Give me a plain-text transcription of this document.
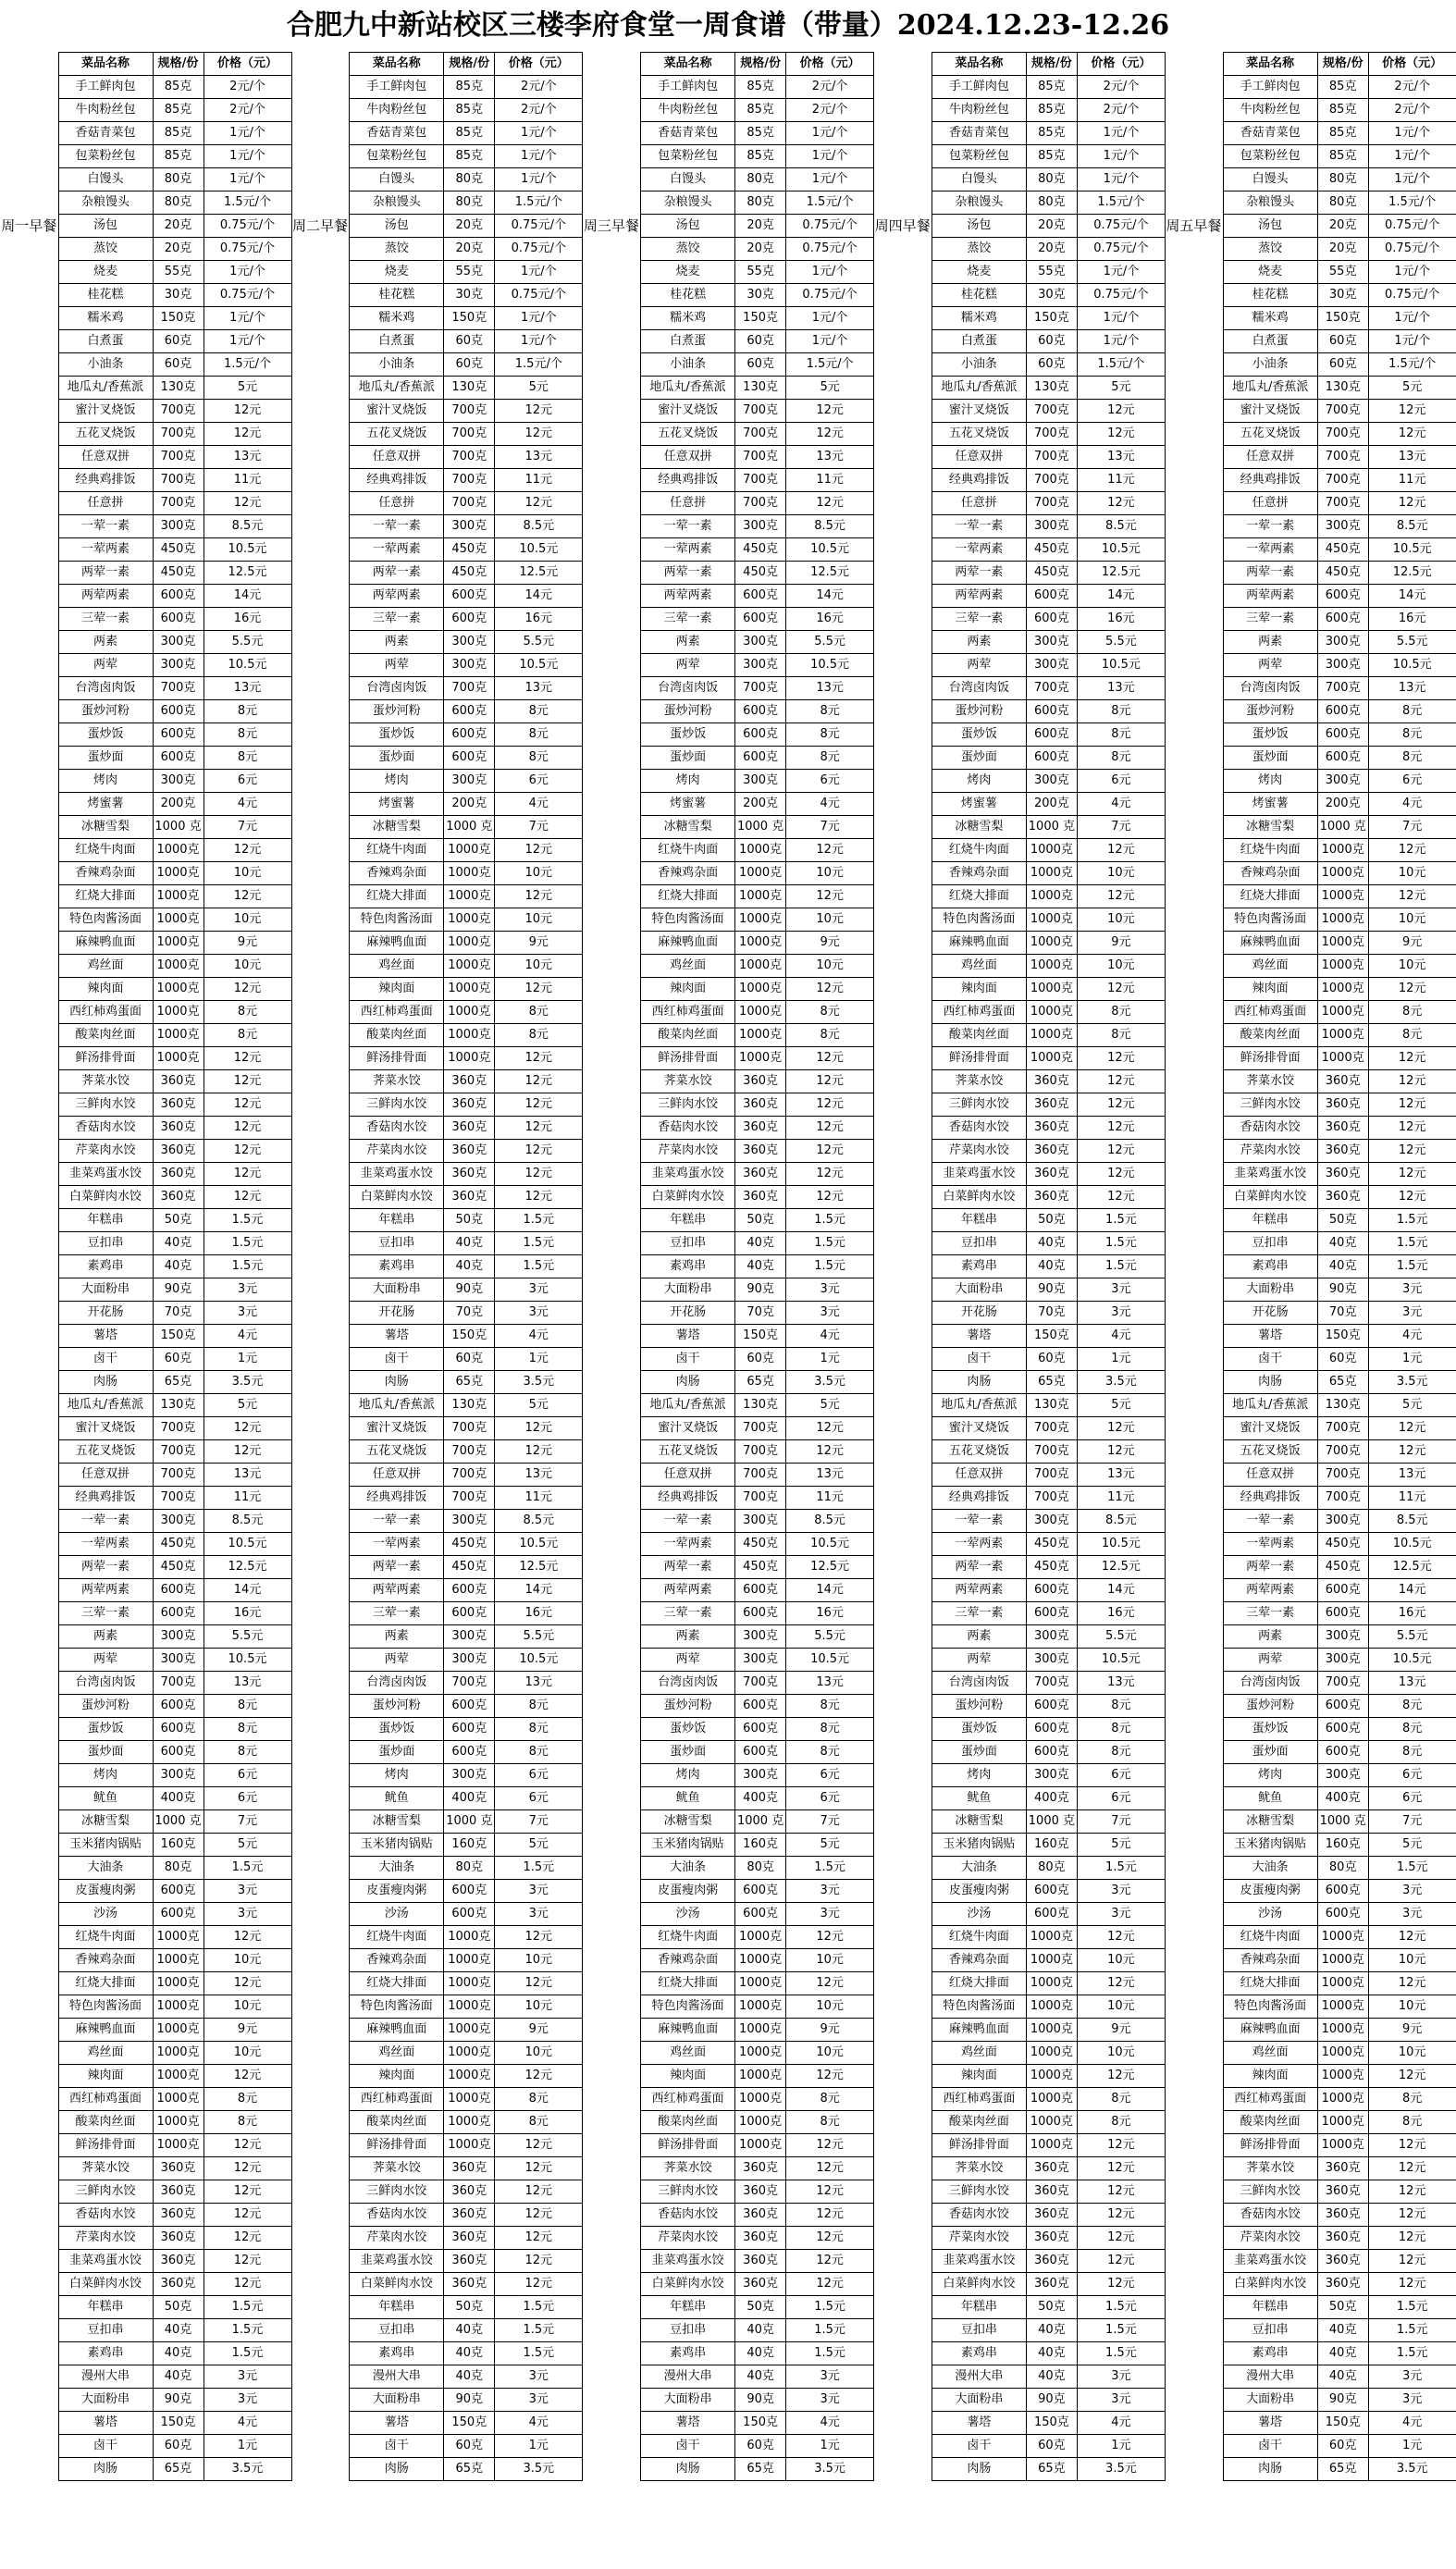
合肥九中新站校区三楼李府食堂一周食谱（带量）2024.12.23-12.26
	菜品名称	规格/份	价格（元）
周一早餐	手工鲜肉包	85克	2元/个
	牛肉粉丝包	85克	2元/个
	香菇青菜包	85克	1元/个
	包菜粉丝包	85克	1元/个
	白馒头	80克	1元/个
	杂粮馒头	80克	1.5元/个
	汤包	20克	0.75元/个
	蒸饺	20克	0.75元/个
	烧麦	55克	1元/个
	桂花糕	30克	0.75元/个
	糯米鸡	150克	1元/个
	白煮蛋	60克	1元/个
	小油条	60克	1.5元/个
	地瓜丸/香蕉派	130克	5元
	蜜汁叉烧饭	700克	12元
	五花叉烧饭	700克	12元
	任意双拼	700克	13元
	经典鸡排饭	700克	11元
	任意拼	700克	12元
	一荤一素	300克	8.5元
	一荤两素	450克	10.5元
	两荤一素	450克	12.5元
	两荤两素	600克	14元
	三荤一素	600克	16元
	两素	300克	5.5元
	两荤	300克	10.5元
	台湾卤肉饭	700克	13元
	蛋炒河粉	600克	8元
	蛋炒饭	600克	8元
	蛋炒面	600克	8元
	烤肉	300克	6元
	烤蜜薯	200克	4元
	冰糖雪梨	1000 克	7元
	红烧牛肉面	1000克	12元
	香辣鸡杂面	1000克	10元
	红烧大排面	1000克	12元
	特色肉酱汤面	1000克	10元
	麻辣鸭血面	1000克	9元
	鸡丝面	1000克	10元
	辣肉面	1000克	12元
	西红柿鸡蛋面	1000克	8元
	酸菜肉丝面	1000克	8元
	鲜汤排骨面	1000克	12元
	荠菜水饺	360克	12元
	三鲜肉水饺	360克	12元
	香菇肉水饺	360克	12元
	芹菜肉水饺	360克	12元
	韭菜鸡蛋水饺	360克	12元
	白菜鲜肉水饺	360克	12元
	年糕串	50克	1.5元
	豆扣串	40克	1.5元
	素鸡串	40克	1.5元
	大面粉串	90克	3元
	开花肠	70克	3元
	薯塔	150克	4元
	卤干	60克	1元
	肉肠	65克	3.5元
	地瓜丸/香蕉派	130克	5元
	蜜汁叉烧饭	700克	12元
	五花叉烧饭	700克	12元
	任意双拼	700克	13元
	经典鸡排饭	700克	11元
	一荤一素	300克	8.5元
	一荤两素	450克	10.5元
	两荤一素	450克	12.5元
	两荤两素	600克	14元
	三荤一素	600克	16元
	两素	300克	5.5元
	两荤	300克	10.5元
	台湾卤肉饭	700克	13元
	蛋炒河粉	600克	8元
	蛋炒饭	600克	8元
	蛋炒面	600克	8元
	烤肉	300克	6元
	鱿鱼	400克	6元
	冰糖雪梨	1000 克	7元
	玉米猪肉锅贴	160克	5元
	大油条	80克	1.5元
	皮蛋瘦肉粥	600克	3元
	沙汤	600克	3元
	红烧牛肉面	1000克	12元
	香辣鸡杂面	1000克	10元
	红烧大排面	1000克	12元
	特色肉酱汤面	1000克	10元
	麻辣鸭血面	1000克	9元
	鸡丝面	1000克	10元
	辣肉面	1000克	12元
	西红柿鸡蛋面	1000克	8元
	酸菜肉丝面	1000克	8元
	鲜汤排骨面	1000克	12元
	荠菜水饺	360克	12元
	三鲜肉水饺	360克	12元
	香菇肉水饺	360克	12元
	芹菜肉水饺	360克	12元
	韭菜鸡蛋水饺	360克	12元
	白菜鲜肉水饺	360克	12元
	年糕串	50克	1.5元
	豆扣串	40克	1.5元
	素鸡串	40克	1.5元
	漫州大串	40克	3元
	大面粉串	90克	3元
	薯塔	150克	4元
	卤干	60克	1元
	肉肠	65克	3.5元
	菜品名称	规格/份	价格（元）
周二早餐	手工鲜肉包	85克	2元/个
	牛肉粉丝包	85克	2元/个
	香菇青菜包	85克	1元/个
	包菜粉丝包	85克	1元/个
	白馒头	80克	1元/个
	杂粮馒头	80克	1.5元/个
	汤包	20克	0.75元/个
	蒸饺	20克	0.75元/个
	烧麦	55克	1元/个
	桂花糕	30克	0.75元/个
	糯米鸡	150克	1元/个
	白煮蛋	60克	1元/个
	小油条	60克	1.5元/个
	地瓜丸/香蕉派	130克	5元
	蜜汁叉烧饭	700克	12元
	五花叉烧饭	700克	12元
	任意双拼	700克	13元
	经典鸡排饭	700克	11元
	任意拼	700克	12元
	一荤一素	300克	8.5元
	一荤两素	450克	10.5元
	两荤一素	450克	12.5元
	两荤两素	600克	14元
	三荤一素	600克	16元
	两素	300克	5.5元
	两荤	300克	10.5元
	台湾卤肉饭	700克	13元
	蛋炒河粉	600克	8元
	蛋炒饭	600克	8元
	蛋炒面	600克	8元
	烤肉	300克	6元
	烤蜜薯	200克	4元
	冰糖雪梨	1000 克	7元
	红烧牛肉面	1000克	12元
	香辣鸡杂面	1000克	10元
	红烧大排面	1000克	12元
	特色肉酱汤面	1000克	10元
	麻辣鸭血面	1000克	9元
	鸡丝面	1000克	10元
	辣肉面	1000克	12元
	西红柿鸡蛋面	1000克	8元
	酸菜肉丝面	1000克	8元
	鲜汤排骨面	1000克	12元
	荠菜水饺	360克	12元
	三鲜肉水饺	360克	12元
	香菇肉水饺	360克	12元
	芹菜肉水饺	360克	12元
	韭菜鸡蛋水饺	360克	12元
	白菜鲜肉水饺	360克	12元
	年糕串	50克	1.5元
	豆扣串	40克	1.5元
	素鸡串	40克	1.5元
	大面粉串	90克	3元
	开花肠	70克	3元
	薯塔	150克	4元
	卤干	60克	1元
	肉肠	65克	3.5元
	地瓜丸/香蕉派	130克	5元
	蜜汁叉烧饭	700克	12元
	五花叉烧饭	700克	12元
	任意双拼	700克	13元
	经典鸡排饭	700克	11元
	一荤一素	300克	8.5元
	一荤两素	450克	10.5元
	两荤一素	450克	12.5元
	两荤两素	600克	14元
	三荤一素	600克	16元
	两素	300克	5.5元
	两荤	300克	10.5元
	台湾卤肉饭	700克	13元
	蛋炒河粉	600克	8元
	蛋炒饭	600克	8元
	蛋炒面	600克	8元
	烤肉	300克	6元
	鱿鱼	400克	6元
	冰糖雪梨	1000 克	7元
	玉米猪肉锅贴	160克	5元
	大油条	80克	1.5元
	皮蛋瘦肉粥	600克	3元
	沙汤	600克	3元
	红烧牛肉面	1000克	12元
	香辣鸡杂面	1000克	10元
	红烧大排面	1000克	12元
	特色肉酱汤面	1000克	10元
	麻辣鸭血面	1000克	9元
	鸡丝面	1000克	10元
	辣肉面	1000克	12元
	西红柿鸡蛋面	1000克	8元
	酸菜肉丝面	1000克	8元
	鲜汤排骨面	1000克	12元
	荠菜水饺	360克	12元
	三鲜肉水饺	360克	12元
	香菇肉水饺	360克	12元
	芹菜肉水饺	360克	12元
	韭菜鸡蛋水饺	360克	12元
	白菜鲜肉水饺	360克	12元
	年糕串	50克	1.5元
	豆扣串	40克	1.5元
	素鸡串	40克	1.5元
	漫州大串	40克	3元
	大面粉串	90克	3元
	薯塔	150克	4元
	卤干	60克	1元
	肉肠	65克	3.5元
	菜品名称	规格/份	价格（元）
周三早餐	手工鲜肉包	85克	2元/个
	牛肉粉丝包	85克	2元/个
	香菇青菜包	85克	1元/个
	包菜粉丝包	85克	1元/个
	白馒头	80克	1元/个
	杂粮馒头	80克	1.5元/个
	汤包	20克	0.75元/个
	蒸饺	20克	0.75元/个
	烧麦	55克	1元/个
	桂花糕	30克	0.75元/个
	糯米鸡	150克	1元/个
	白煮蛋	60克	1元/个
	小油条	60克	1.5元/个
	地瓜丸/香蕉派	130克	5元
	蜜汁叉烧饭	700克	12元
	五花叉烧饭	700克	12元
	任意双拼	700克	13元
	经典鸡排饭	700克	11元
	任意拼	700克	12元
	一荤一素	300克	8.5元
	一荤两素	450克	10.5元
	两荤一素	450克	12.5元
	两荤两素	600克	14元
	三荤一素	600克	16元
	两素	300克	5.5元
	两荤	300克	10.5元
	台湾卤肉饭	700克	13元
	蛋炒河粉	600克	8元
	蛋炒饭	600克	8元
	蛋炒面	600克	8元
	烤肉	300克	6元
	烤蜜薯	200克	4元
	冰糖雪梨	1000 克	7元
	红烧牛肉面	1000克	12元
	香辣鸡杂面	1000克	10元
	红烧大排面	1000克	12元
	特色肉酱汤面	1000克	10元
	麻辣鸭血面	1000克	9元
	鸡丝面	1000克	10元
	辣肉面	1000克	12元
	西红柿鸡蛋面	1000克	8元
	酸菜肉丝面	1000克	8元
	鲜汤排骨面	1000克	12元
	荠菜水饺	360克	12元
	三鲜肉水饺	360克	12元
	香菇肉水饺	360克	12元
	芹菜肉水饺	360克	12元
	韭菜鸡蛋水饺	360克	12元
	白菜鲜肉水饺	360克	12元
	年糕串	50克	1.5元
	豆扣串	40克	1.5元
	素鸡串	40克	1.5元
	大面粉串	90克	3元
	开花肠	70克	3元
	薯塔	150克	4元
	卤干	60克	1元
	肉肠	65克	3.5元
	地瓜丸/香蕉派	130克	5元
	蜜汁叉烧饭	700克	12元
	五花叉烧饭	700克	12元
	任意双拼	700克	13元
	经典鸡排饭	700克	11元
	一荤一素	300克	8.5元
	一荤两素	450克	10.5元
	两荤一素	450克	12.5元
	两荤两素	600克	14元
	三荤一素	600克	16元
	两素	300克	5.5元
	两荤	300克	10.5元
	台湾卤肉饭	700克	13元
	蛋炒河粉	600克	8元
	蛋炒饭	600克	8元
	蛋炒面	600克	8元
	烤肉	300克	6元
	鱿鱼	400克	6元
	冰糖雪梨	1000 克	7元
	玉米猪肉锅贴	160克	5元
	大油条	80克	1.5元
	皮蛋瘦肉粥	600克	3元
	沙汤	600克	3元
	红烧牛肉面	1000克	12元
	香辣鸡杂面	1000克	10元
	红烧大排面	1000克	12元
	特色肉酱汤面	1000克	10元
	麻辣鸭血面	1000克	9元
	鸡丝面	1000克	10元
	辣肉面	1000克	12元
	西红柿鸡蛋面	1000克	8元
	酸菜肉丝面	1000克	8元
	鲜汤排骨面	1000克	12元
	荠菜水饺	360克	12元
	三鲜肉水饺	360克	12元
	香菇肉水饺	360克	12元
	芹菜肉水饺	360克	12元
	韭菜鸡蛋水饺	360克	12元
	白菜鲜肉水饺	360克	12元
	年糕串	50克	1.5元
	豆扣串	40克	1.5元
	素鸡串	40克	1.5元
	漫州大串	40克	3元
	大面粉串	90克	3元
	薯塔	150克	4元
	卤干	60克	1元
	肉肠	65克	3.5元
	菜品名称	规格/份	价格（元）
周四早餐	手工鲜肉包	85克	2元/个
	牛肉粉丝包	85克	2元/个
	香菇青菜包	85克	1元/个
	包菜粉丝包	85克	1元/个
	白馒头	80克	1元/个
	杂粮馒头	80克	1.5元/个
	汤包	20克	0.75元/个
	蒸饺	20克	0.75元/个
	烧麦	55克	1元/个
	桂花糕	30克	0.75元/个
	糯米鸡	150克	1元/个
	白煮蛋	60克	1元/个
	小油条	60克	1.5元/个
	地瓜丸/香蕉派	130克	5元
	蜜汁叉烧饭	700克	12元
	五花叉烧饭	700克	12元
	任意双拼	700克	13元
	经典鸡排饭	700克	11元
	任意拼	700克	12元
	一荤一素	300克	8.5元
	一荤两素	450克	10.5元
	两荤一素	450克	12.5元
	两荤两素	600克	14元
	三荤一素	600克	16元
	两素	300克	5.5元
	两荤	300克	10.5元
	台湾卤肉饭	700克	13元
	蛋炒河粉	600克	8元
	蛋炒饭	600克	8元
	蛋炒面	600克	8元
	烤肉	300克	6元
	烤蜜薯	200克	4元
	冰糖雪梨	1000 克	7元
	红烧牛肉面	1000克	12元
	香辣鸡杂面	1000克	10元
	红烧大排面	1000克	12元
	特色肉酱汤面	1000克	10元
	麻辣鸭血面	1000克	9元
	鸡丝面	1000克	10元
	辣肉面	1000克	12元
	西红柿鸡蛋面	1000克	8元
	酸菜肉丝面	1000克	8元
	鲜汤排骨面	1000克	12元
	荠菜水饺	360克	12元
	三鲜肉水饺	360克	12元
	香菇肉水饺	360克	12元
	芹菜肉水饺	360克	12元
	韭菜鸡蛋水饺	360克	12元
	白菜鲜肉水饺	360克	12元
	年糕串	50克	1.5元
	豆扣串	40克	1.5元
	素鸡串	40克	1.5元
	大面粉串	90克	3元
	开花肠	70克	3元
	薯塔	150克	4元
	卤干	60克	1元
	肉肠	65克	3.5元
	地瓜丸/香蕉派	130克	5元
	蜜汁叉烧饭	700克	12元
	五花叉烧饭	700克	12元
	任意双拼	700克	13元
	经典鸡排饭	700克	11元
	一荤一素	300克	8.5元
	一荤两素	450克	10.5元
	两荤一素	450克	12.5元
	两荤两素	600克	14元
	三荤一素	600克	16元
	两素	300克	5.5元
	两荤	300克	10.5元
	台湾卤肉饭	700克	13元
	蛋炒河粉	600克	8元
	蛋炒饭	600克	8元
	蛋炒面	600克	8元
	烤肉	300克	6元
	鱿鱼	400克	6元
	冰糖雪梨	1000 克	7元
	玉米猪肉锅贴	160克	5元
	大油条	80克	1.5元
	皮蛋瘦肉粥	600克	3元
	沙汤	600克	3元
	红烧牛肉面	1000克	12元
	香辣鸡杂面	1000克	10元
	红烧大排面	1000克	12元
	特色肉酱汤面	1000克	10元
	麻辣鸭血面	1000克	9元
	鸡丝面	1000克	10元
	辣肉面	1000克	12元
	西红柿鸡蛋面	1000克	8元
	酸菜肉丝面	1000克	8元
	鲜汤排骨面	1000克	12元
	荠菜水饺	360克	12元
	三鲜肉水饺	360克	12元
	香菇肉水饺	360克	12元
	芹菜肉水饺	360克	12元
	韭菜鸡蛋水饺	360克	12元
	白菜鲜肉水饺	360克	12元
	年糕串	50克	1.5元
	豆扣串	40克	1.5元
	素鸡串	40克	1.5元
	漫州大串	40克	3元
	大面粉串	90克	3元
	薯塔	150克	4元
	卤干	60克	1元
	肉肠	65克	3.5元
	菜品名称	规格/份	价格（元）
周五早餐	手工鲜肉包	85克	2元/个
	牛肉粉丝包	85克	2元/个
	香菇青菜包	85克	1元/个
	包菜粉丝包	85克	1元/个
	白馒头	80克	1元/个
	杂粮馒头	80克	1.5元/个
	汤包	20克	0.75元/个
	蒸饺	20克	0.75元/个
	烧麦	55克	1元/个
	桂花糕	30克	0.75元/个
	糯米鸡	150克	1元/个
	白煮蛋	60克	1元/个
	小油条	60克	1.5元/个
	地瓜丸/香蕉派	130克	5元
	蜜汁叉烧饭	700克	12元
	五花叉烧饭	700克	12元
	任意双拼	700克	13元
	经典鸡排饭	700克	11元
	任意拼	700克	12元
	一荤一素	300克	8.5元
	一荤两素	450克	10.5元
	两荤一素	450克	12.5元
	两荤两素	600克	14元
	三荤一素	600克	16元
	两素	300克	5.5元
	两荤	300克	10.5元
	台湾卤肉饭	700克	13元
	蛋炒河粉	600克	8元
	蛋炒饭	600克	8元
	蛋炒面	600克	8元
	烤肉	300克	6元
	烤蜜薯	200克	4元
	冰糖雪梨	1000 克	7元
	红烧牛肉面	1000克	12元
	香辣鸡杂面	1000克	10元
	红烧大排面	1000克	12元
	特色肉酱汤面	1000克	10元
	麻辣鸭血面	1000克	9元
	鸡丝面	1000克	10元
	辣肉面	1000克	12元
	西红柿鸡蛋面	1000克	8元
	酸菜肉丝面	1000克	8元
	鲜汤排骨面	1000克	12元
	荠菜水饺	360克	12元
	三鲜肉水饺	360克	12元
	香菇肉水饺	360克	12元
	芹菜肉水饺	360克	12元
	韭菜鸡蛋水饺	360克	12元
	白菜鲜肉水饺	360克	12元
	年糕串	50克	1.5元
	豆扣串	40克	1.5元
	素鸡串	40克	1.5元
	大面粉串	90克	3元
	开花肠	70克	3元
	薯塔	150克	4元
	卤干	60克	1元
	肉肠	65克	3.5元
	地瓜丸/香蕉派	130克	5元
	蜜汁叉烧饭	700克	12元
	五花叉烧饭	700克	12元
	任意双拼	700克	13元
	经典鸡排饭	700克	11元
	一荤一素	300克	8.5元
	一荤两素	450克	10.5元
	两荤一素	450克	12.5元
	两荤两素	600克	14元
	三荤一素	600克	16元
	两素	300克	5.5元
	两荤	300克	10.5元
	台湾卤肉饭	700克	13元
	蛋炒河粉	600克	8元
	蛋炒饭	600克	8元
	蛋炒面	600克	8元
	烤肉	300克	6元
	鱿鱼	400克	6元
	冰糖雪梨	1000 克	7元
	玉米猪肉锅贴	160克	5元
	大油条	80克	1.5元
	皮蛋瘦肉粥	600克	3元
	沙汤	600克	3元
	红烧牛肉面	1000克	12元
	香辣鸡杂面	1000克	10元
	红烧大排面	1000克	12元
	特色肉酱汤面	1000克	10元
	麻辣鸭血面	1000克	9元
	鸡丝面	1000克	10元
	辣肉面	1000克	12元
	西红柿鸡蛋面	1000克	8元
	酸菜肉丝面	1000克	8元
	鲜汤排骨面	1000克	12元
	荠菜水饺	360克	12元
	三鲜肉水饺	360克	12元
	香菇肉水饺	360克	12元
	芹菜肉水饺	360克	12元
	韭菜鸡蛋水饺	360克	12元
	白菜鲜肉水饺	360克	12元
	年糕串	50克	1.5元
	豆扣串	40克	1.5元
	素鸡串	40克	1.5元
	漫州大串	40克	3元
	大面粉串	90克	3元
	薯塔	150克	4元
	卤干	60克	1元
	肉肠	65克	3.5元
